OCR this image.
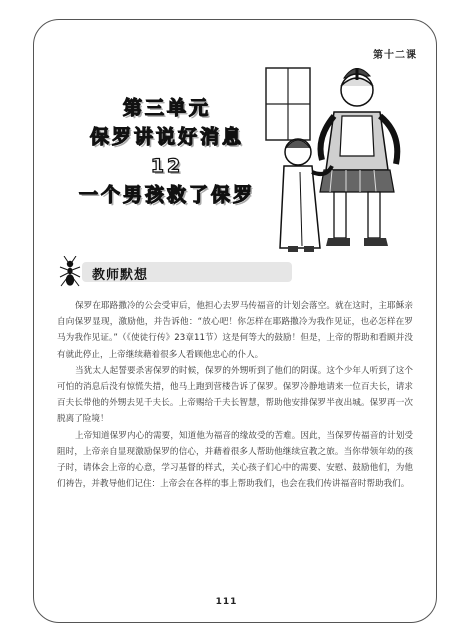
第十二课
第三单元
保罗讲说好消息
12
一个男孩救了保罗
教师默想

保罗在耶路撒冷的公会受审后，他担心去罗马传福音的计划会落空。就在这时，主耶稣亲自向保罗显现，激励他，并告诉他：“放心吧！你怎样在耶路撒冷为我作见证，也必怎样在罗马为我作见证。”（《使徒行传》23章11节）这是何等大的鼓励！但是，上帝的帮助和看顾并没有就此停止，上帝继续藉着很多人看顾他忠心的仆人。

当犹太人起誓要杀害保罗的时候，保罗的外甥听到了他们的阴谋。这个少年人听到了这个可怕的消息后没有惊慌失措，他马上跑到营楼告诉了保罗。保罗冷静地请来一位百夫长，请求百夫长带他的外甥去见千夫长。上帝赐给千夫长智慧，帮助他安排保罗半夜出城。保罗再一次脱离了险境！

上帝知道保罗内心的需要，知道他为福音的缘故受的苦难。因此，当保罗传福音的计划受阻时，上帝亲自显现激励保罗的信心，并藉着很多人帮助他继续宣教之旅。当你带领年幼的孩子时，请体会上帝的心意，学习基督的样式，关心孩子们心中的需要、安慰、鼓励他们，为他们祷告，并教导他们记住：上帝会在各样的事上帮助我们，也会在我们传讲福音时帮助我们。

111
